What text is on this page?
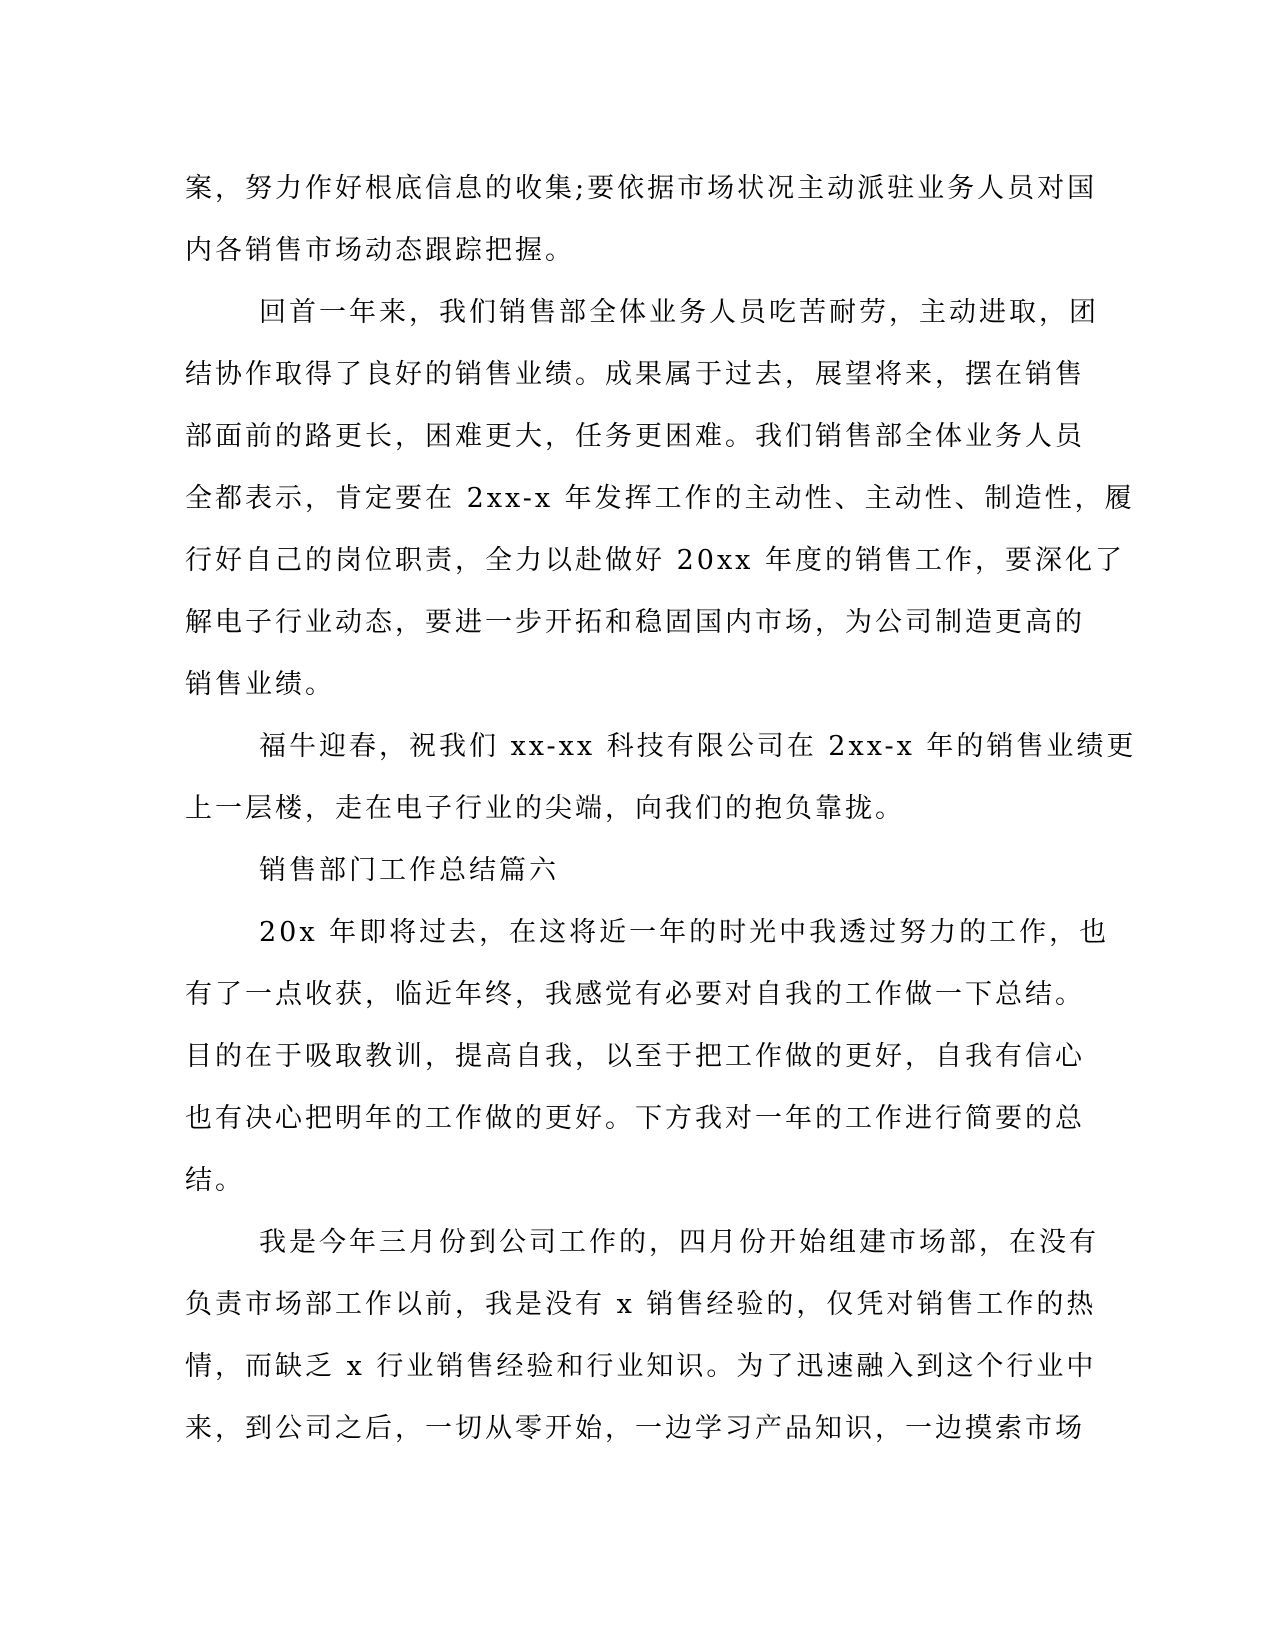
案，努力作好根底信息的收集;要依据市场状况主动派驻业务人员对国
内各销售市场动态跟踪把握。
回首一年来，我们销售部全体业务人员吃苦耐劳，主动进取，团
结协作取得了良好的销售业绩。成果属于过去，展望将来，摆在销售
部面前的路更长，困难更大，任务更困难。我们销售部全体业务人员
全都表示，肯定要在 2xx-x 年发挥工作的主动性、主动性、制造性，履
行好自己的岗位职责，全力以赴做好 20xx 年度的销售工作，要深化了
解电子行业动态，要进一步开拓和稳固国内市场，为公司制造更高的
销售业绩。
福牛迎春，祝我们 xx-xx 科技有限公司在 2xx-x 年的销售业绩更
上一层楼，走在电子行业的尖端，向我们的抱负靠拢。
销售部门工作总结篇六
20x 年即将过去，在这将近一年的时光中我透过努力的工作，也
有了一点收获，临近年终，我感觉有必要对自我的工作做一下总结。
目的在于吸取教训，提高自我，以至于把工作做的更好，自我有信心
也有决心把明年的工作做的更好。下方我对一年的工作进行简要的总
结。
我是今年三月份到公司工作的，四月份开始组建市场部，在没有
负责市场部工作以前，我是没有 x 销售经验的，仅凭对销售工作的热
情，而缺乏 x 行业销售经验和行业知识。为了迅速融入到这个行业中
来，到公司之后，一切从零开始，一边学习产品知识，一边摸索市场
